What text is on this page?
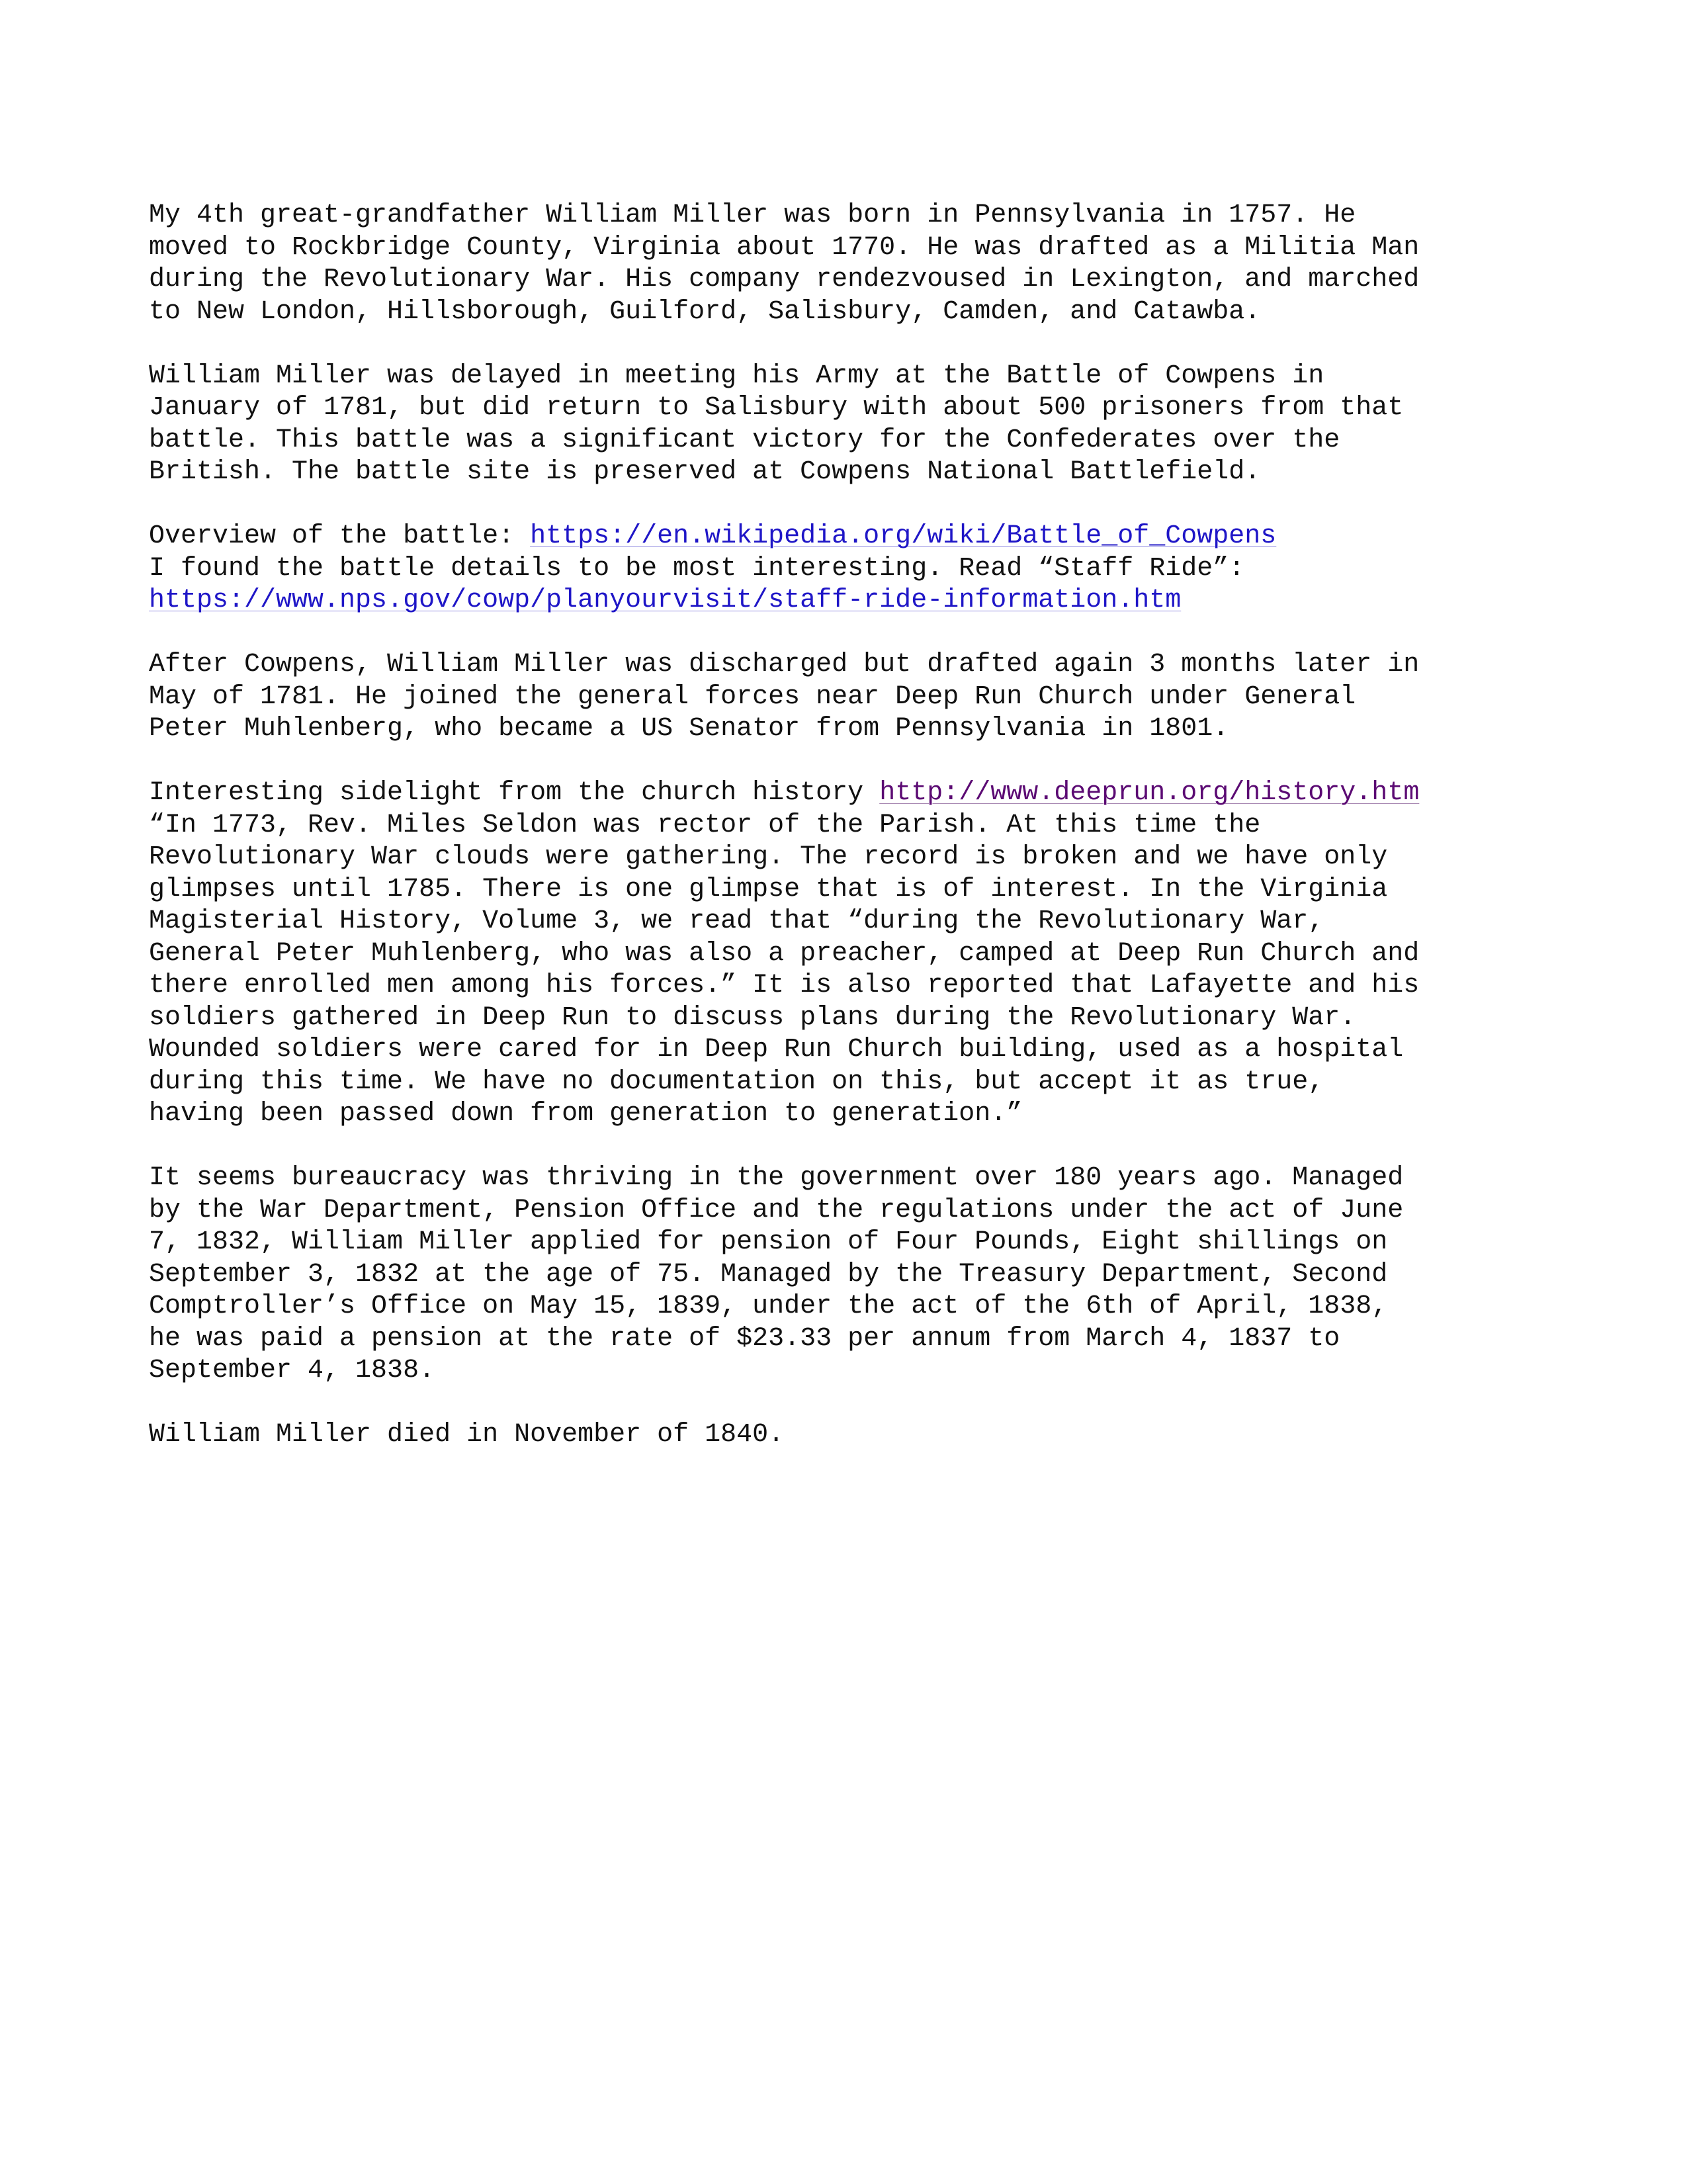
My 4th great-grandfather William Miller was born in Pennsylvania in 1757. He
moved to Rockbridge County, Virginia about 1770. He was drafted as a Militia Man
during the Revolutionary War. His company rendezvoused in Lexington, and marched
to New London, Hillsborough, Guilford, Salisbury, Camden, and Catawba.
William Miller was delayed in meeting his Army at the Battle of Cowpens in
January of 1781, but did return to Salisbury with about 500 prisoners from that
battle. This battle was a significant victory for the Confederates over the
British. The battle site is preserved at Cowpens National Battlefield.
Overview of the battle: https://en.wikipedia.org/wiki/Battle_of_Cowpens
I found the battle details to be most interesting. Read “Staff Ride”:
https://www.nps.gov/cowp/planyourvisit/staff-ride-information.htm
After Cowpens, William Miller was discharged but drafted again 3 months later in
May of 1781. He joined the general forces near Deep Run Church under General
Peter Muhlenberg, who became a US Senator from Pennsylvania in 1801.
Interesting sidelight from the church history http://www.deeprun.org/history.htm
“In 1773, Rev. Miles Seldon was rector of the Parish. At this time the
Revolutionary War clouds were gathering. The record is broken and we have only
glimpses until 1785. There is one glimpse that is of interest. In the Virginia
Magisterial History, Volume 3, we read that “during the Revolutionary War,
General Peter Muhlenberg, who was also a preacher, camped at Deep Run Church and
there enrolled men among his forces.” It is also reported that Lafayette and his
soldiers gathered in Deep Run to discuss plans during the Revolutionary War.
Wounded soldiers were cared for in Deep Run Church building, used as a hospital
during this time. We have no documentation on this, but accept it as true,
having been passed down from generation to generation.”
It seems bureaucracy was thriving in the government over 180 years ago. Managed
by the War Department, Pension Office and the regulations under the act of June
7, 1832, William Miller applied for pension of Four Pounds, Eight shillings on
September 3, 1832 at the age of 75. Managed by the Treasury Department, Second
Comptroller’s Office on May 15, 1839, under the act of the 6th of April, 1838,
he was paid a pension at the rate of $23.33 per annum from March 4, 1837 to
September 4, 1838.
William Miller died in November of 1840.
